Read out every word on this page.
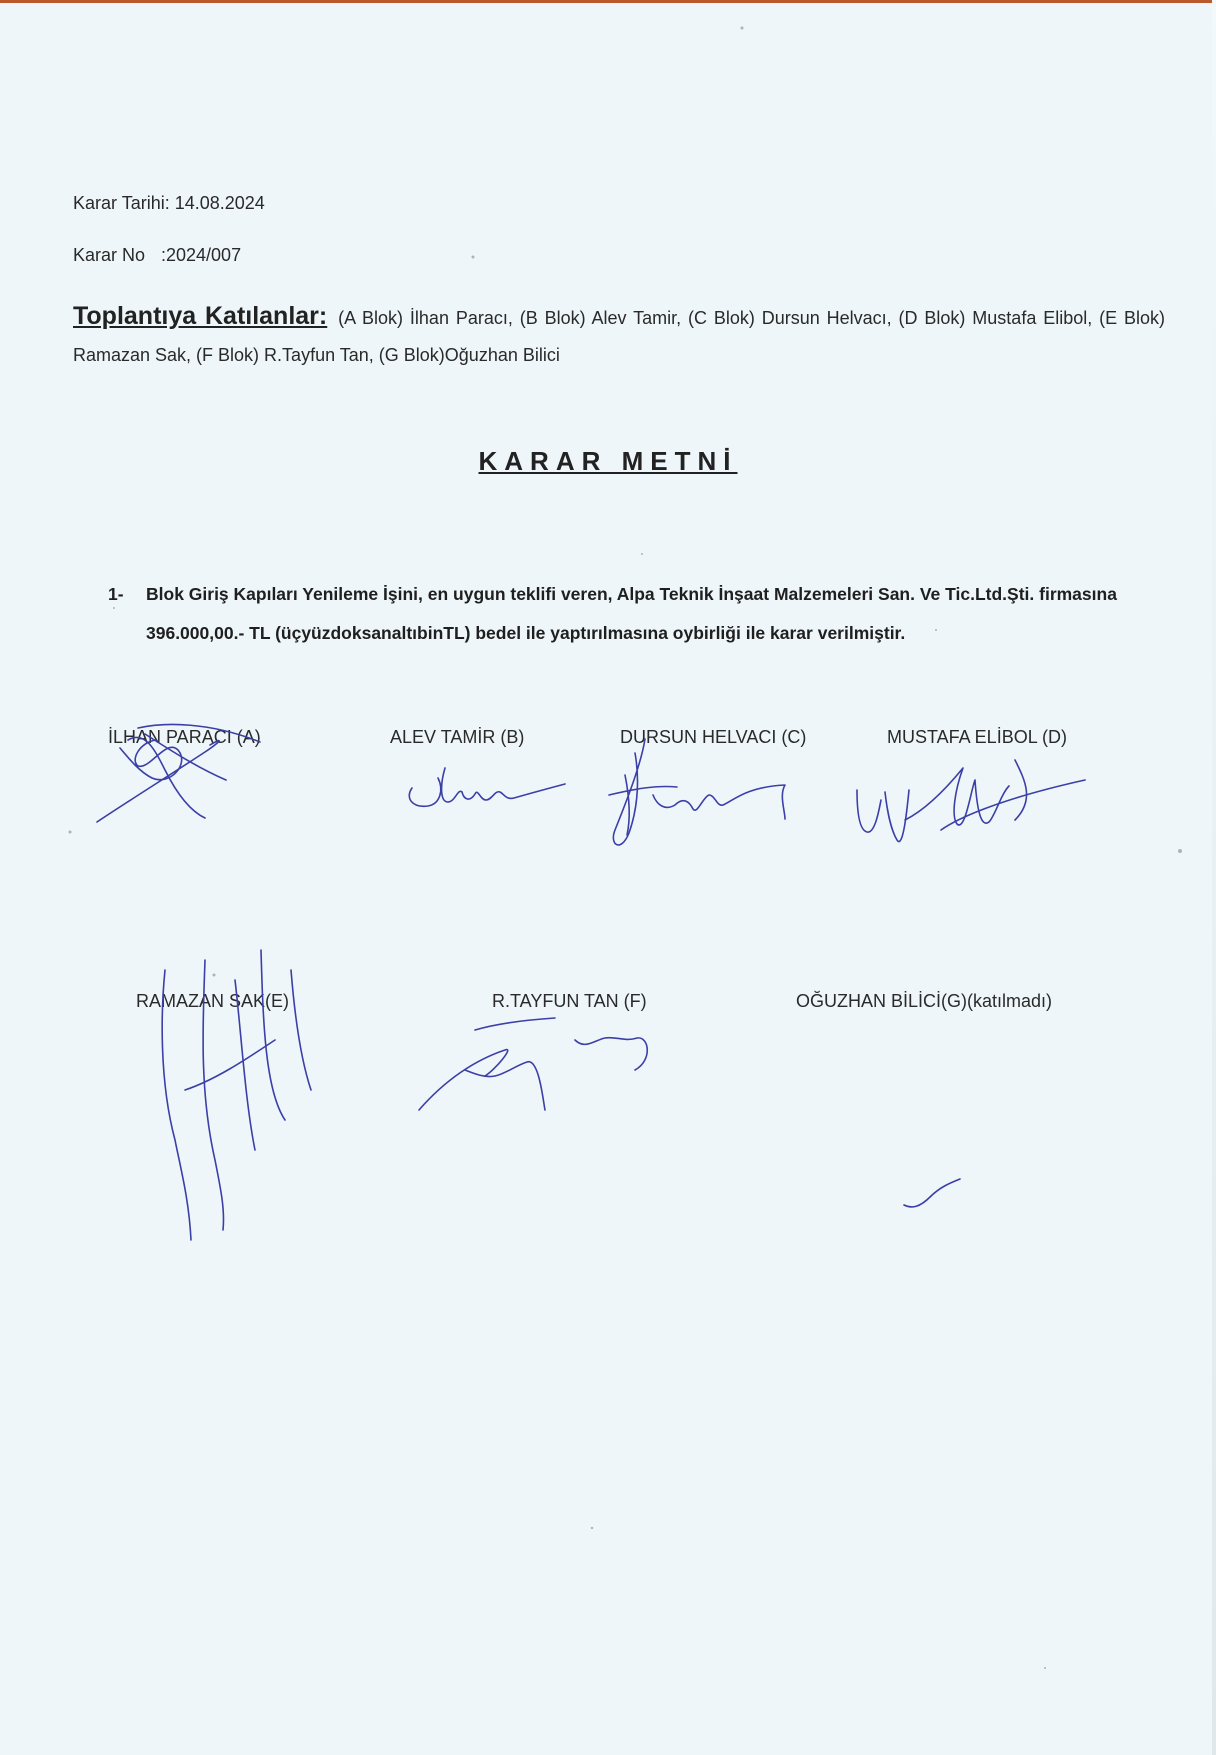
Karar Tarihi: 14.08.2024
Karar No :2024/007
Toplantıya Katılanlar: (A Blok) İlhan Paracı, (B Blok) Alev Tamir, (C Blok) Dursun Helvacı, (D Blok) Mustafa Elibol, (E Blok) Ramazan Sak, (F Blok) R.Tayfun Tan, (G Blok)Oğuzhan Bilici
KARAR METNİ
1- Blok Giriş Kapıları Yenileme İşini, en uygun teklifi veren, Alpa Teknik İnşaat Malzemeleri San. Ve Tic.Ltd.Şti. firmasına 396.000,00.- TL (üçyüzdoksanaltıbinTL) bedel ile yaptırılmasına oybirliği ile karar verilmiştir.
İLHAN PARACI (A)	ALEV TAMİR (B)	DURSUN HELVACI (C)	MUSTAFA ELİBOL (D)
RAMAZAN SAK(E)	R.TAYFUN TAN (F)	OĞUZHAN BİLİCİ(G)(katılmadı)
